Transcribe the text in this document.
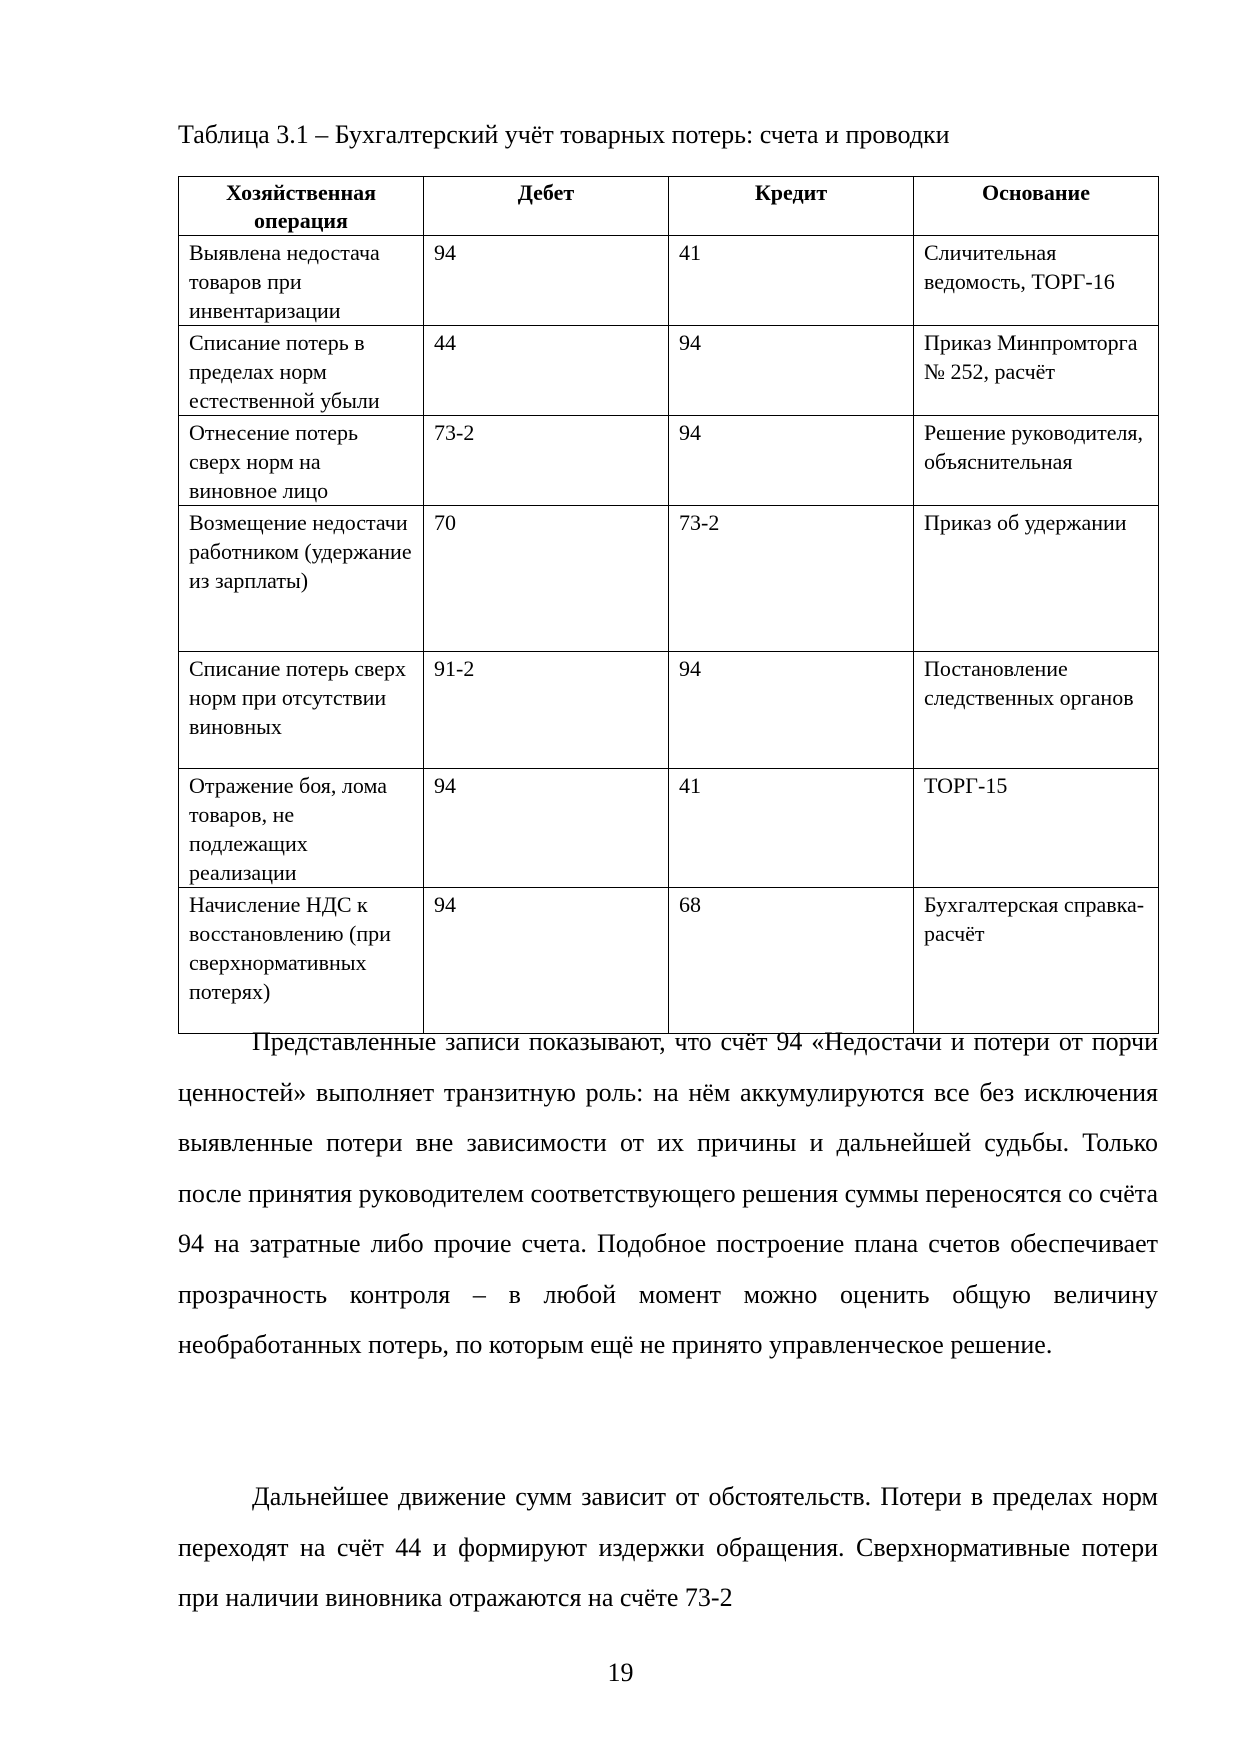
Таблица 3.1 – Бухгалтерский учёт товарных потерь: счета и проводки
Хозяйственная операция	Дебет	Кредит	Основание
Выявлена недостача товаров при инвентаризации	94	41	Сличительная ведомость, ТОРГ-16
Списание потерь в пределах норм естественной убыли	44	94	Приказ Минпромторга № 252, расчёт
Отнесение потерь сверх норм на виновное лицо	73-2	94	Решение руководителя, объяснительная
Возмещение недостачи работником (удержание из зарплаты)	70	73-2	Приказ об удержании
Списание потерь сверх норм при отсутствии виновных	91-2	94	Постановление следственных органов
Отражение боя, лома товаров, не подлежащих реализации	94	41	ТОРГ-15
Начисление НДС к восстановлению (при сверхнормативных потерях)	94	68	Бухгалтерская справка-расчёт

Представленные записи показывают, что счёт 94 «Недостачи и потери от порчи ценностей» выполняет транзитную роль: на нём аккумулируются все без исключения выявленные потери вне зависимости от их причины и дальнейшей судьбы. Только после принятия руководителем соответствующего решения суммы переносятся со счёта 94 на затратные либо прочие счета. Подобное построение плана счетов обеспечивает прозрачность контроля – в любой момент можно оценить общую величину необработанных потерь, по которым ещё не принято управленческое решение.

Дальнейшее движение сумм зависит от обстоятельств. Потери в пределах норм переходят на счёт 44 и формируют издержки обращения. Сверхнормативные потери при наличии виновника отражаются на счёте 73-2

19
